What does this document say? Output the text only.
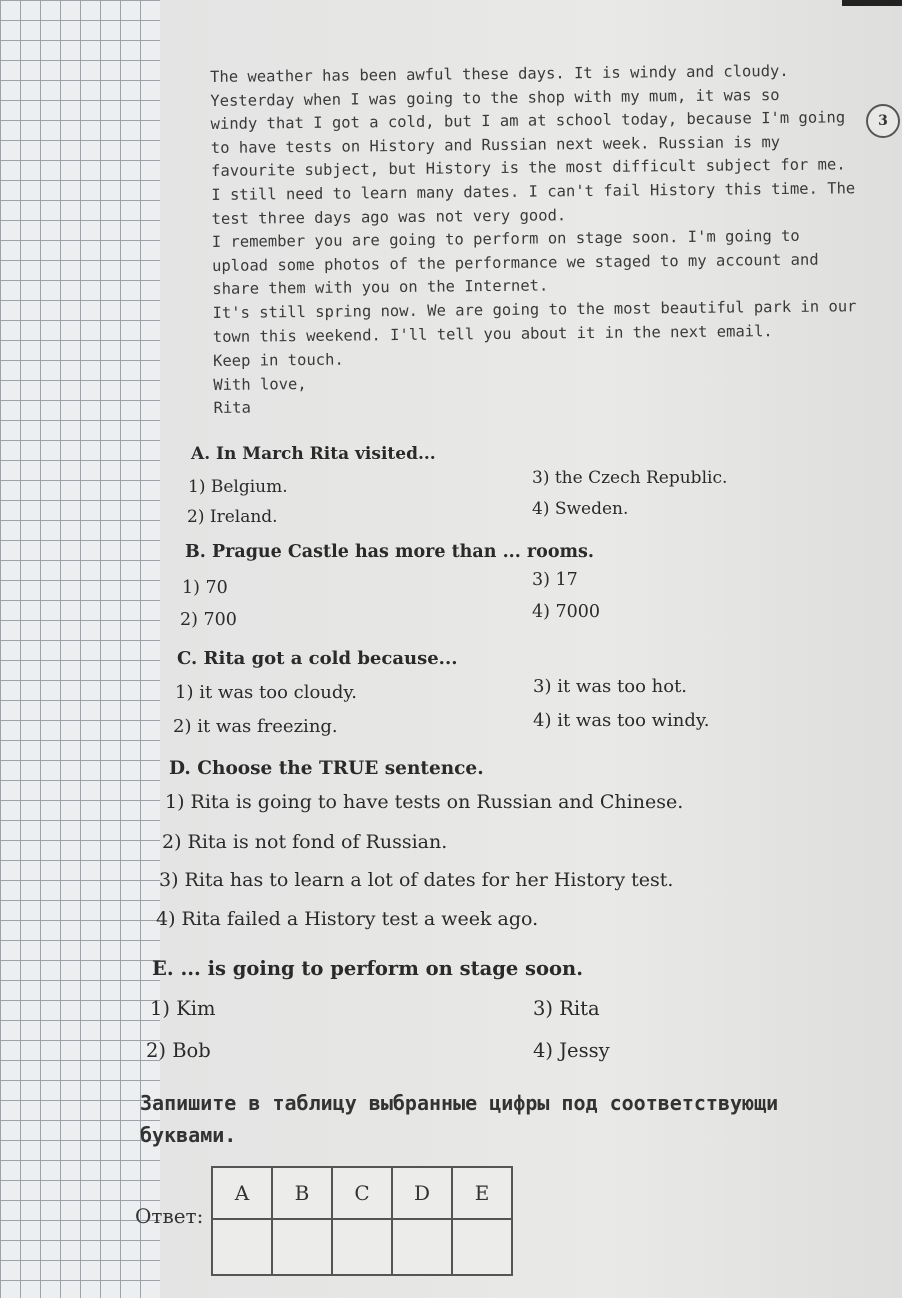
3

The weather has been awful these days. It is windy and cloudy.

Yesterday when I was going to the shop with my mum, it was so

windy that I got a cold, but I am at school today, because I'm going

to have tests on History and Russian next week. Russian is my

favourite subject, but History is the most difficult subject for me.

I still need to learn many dates. I can't fail History this time. The

test three days ago was not very good.

I remember you are going to perform on stage soon. I'm going to

upload some photos of the performance we staged to my account and

share them with you on the Internet.

It's still spring now. We are going to the most beautiful park in our

town this weekend. I'll tell you about it in the next email.

Keep in touch.

With love,

Rita

A. In March Rita visited...
1) Belgium.
2) Ireland.
3) the Czech Republic.
4) Sweden.
B. Prague Castle has more than ... rooms.
1) 70
2) 700
3) 17
4) 7000
C. Rita got a cold because...
1) it was too cloudy.
2) it was freezing.
3) it was too hot.
4) it was too windy.
D. Choose the TRUE sentence.
1) Rita is going to have tests on Russian and Chinese.
2) Rita is not fond of Russian.
3) Rita has to learn a lot of dates for her History test.
4) Rita failed a History test a week ago.
E. ... is going to perform on stage soon.
1) Kim
2) Bob
3) Rita
4) Jessy
Запишите в таблицу выбранные цифры под соответствующи
буквами.
Ответ:
A	B	C	D	E
